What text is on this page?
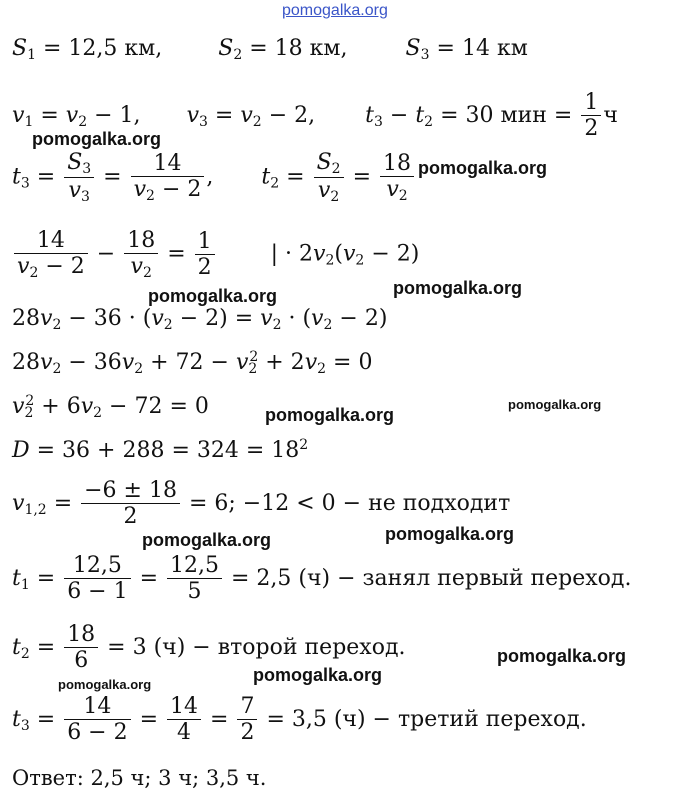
pomogalka.org
pomogalka.org
pomogalka.org
pomogalka.org	pomogalka.org
pomogalka.org
pomogalka.org
pomogalka.org	pomogalka.org
pomogalka.org
pomogalka.org	pomogalka.org
$S_1 = 12,5$ км,	$S_2 = 18$ км,	$S_3 = 14$ км
$v_1 = v_2 - 1$, $v_3 = v_2 - 2$, $t_3 - t_2 = 30$ мин = $\frac{1}{2}$ ч
$t_3 = \frac{S_3}{v_3} = \frac{14}{v_2 - 2}$ , $t_2 = \frac{S_2}{v_2} = \frac{18}{v_2}$
$\frac{14}{v_2 - 2} - \frac{18}{v_2} = \frac{1}{2}$	| · $2v_2(v_2 - 2)$
$28v_2 - 36 \cdot (v_2 - 2) = v_2 \cdot (v_2 - 2)$
$28v_2 - 36v_2 + 72 - v_2^2 + 2v_2 = 0$
$v_2^2 + 6v_2 - 72 = 0$
$D = 36 + 288 = 324 = 18^2$
$v_{1,2} = \frac{-6 \pm 18}{2} = 6$; −12 < 0 − не подходит
$t_1 = \frac{12,5}{6 - 1} = \frac{12,5}{5} = 2,5$ (ч) − занял первый переход.
$t_2 = \frac{18}{6} = 3$ (ч) − второй переход.
$t_3 = \frac{14}{6 - 2} = \frac{14}{4} = \frac{7}{2} = 3,5$ (ч) − третий переход.
Ответ: 2,5 ч; 3 ч; 3,5 ч.
